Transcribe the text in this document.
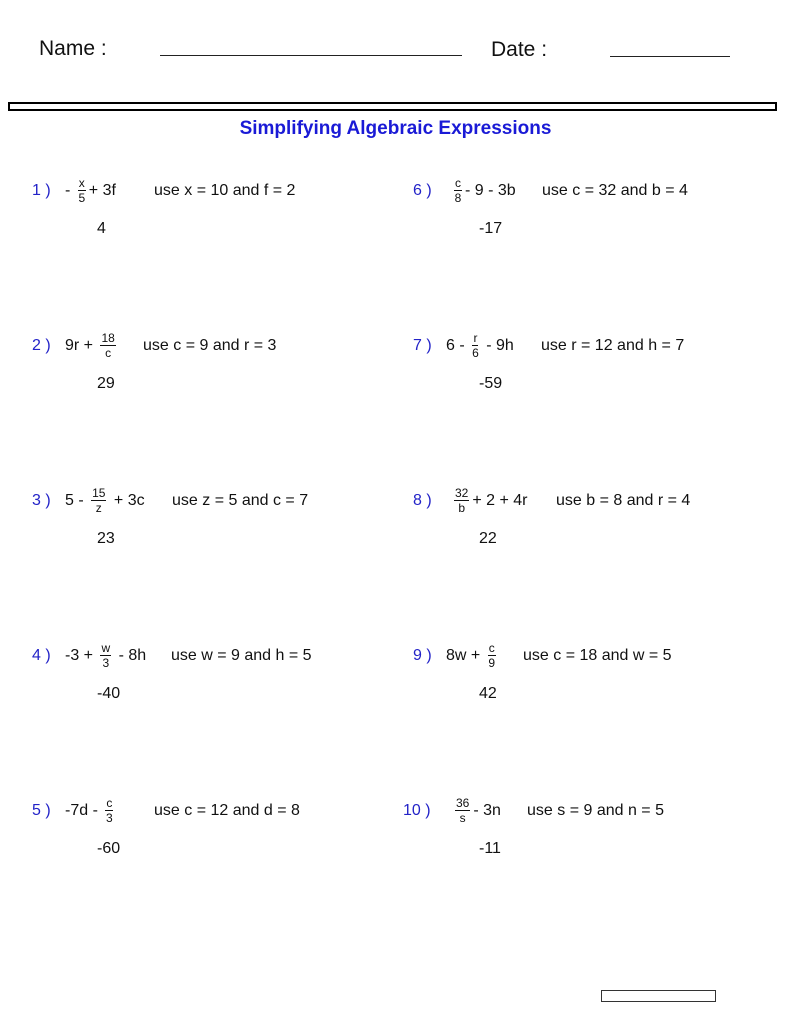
Name :	Date :
Simplifying Algebraic Expressions
1 ) - $\frac{x}{5} + 3f$ use x = 10 and f = 2
4
2 ) $9r + \frac{18}{c}$ use c = 9 and r = 3
29
3 ) $5 - \frac{15}{z} + 3c$ use z = 5 and c = 7
23
4 ) $-3 + \frac{w}{3} - 8h$ use w = 9 and h = 5
-40
5 ) $-7d - \frac{c}{3}$	use c = 12 and d = 8
-60
6 ) $\frac{c}{8} - 9 - 3b$ use c = 32 and b = 4
-17
7 ) $6 - \frac{r}{6} - 9h$ use r = 12 and h = 7
-59
8 ) $\frac{32}{b} + 2 + 4r$ use b = 8 and r = 4
22
9 ) $8w + \frac{c}{9}$ use c = 18 and w = 5
42
10 ) $\frac{36}{s} - 3n$ use s = 9 and n = 5
-11
